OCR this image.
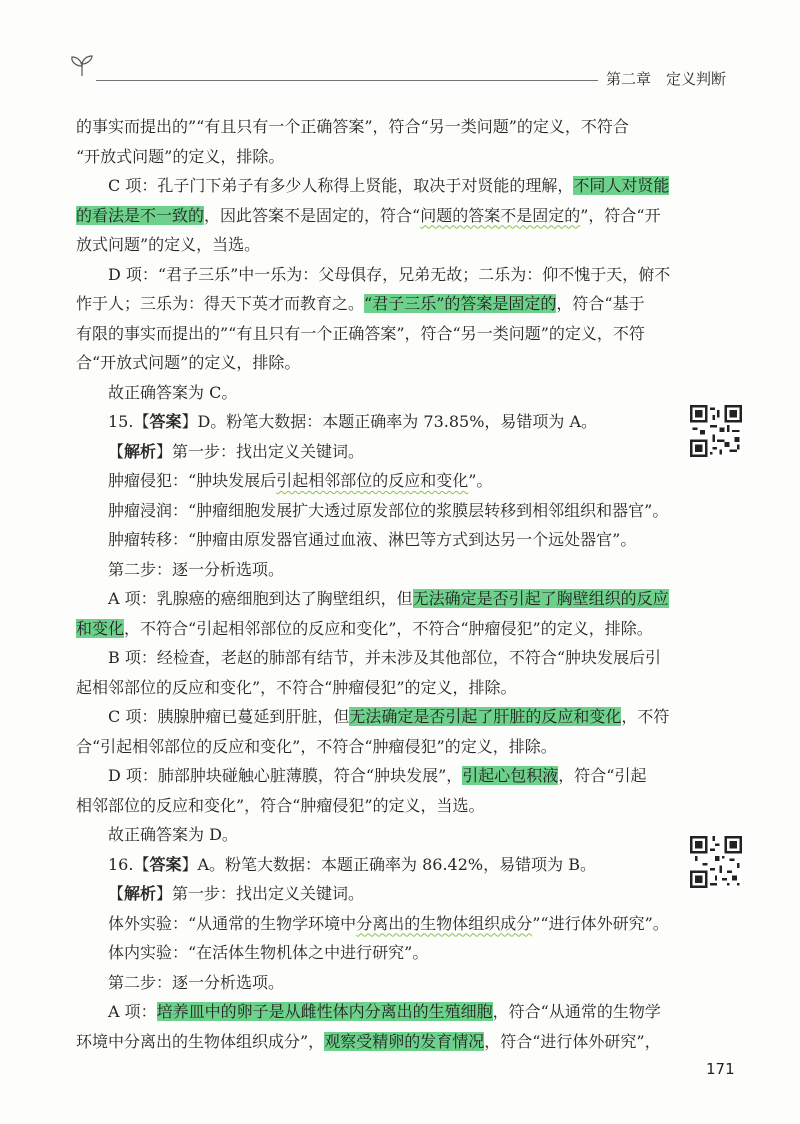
第二章　定义判断
的事实而提出的”“有且只有一个正确答案”，符合“另一类问题”的定义，不符合
“开放式问题”的定义，排除。
C 项：孔子门下弟子有多少人称得上贤能，取决于对贤能的理解，不同人对贤能
的看法是不一致的，因此答案不是固定的，符合“问题的答案不是固定的”，符合“开
放式问题”的定义，当选。
D 项：“君子三乐”中一乐为：父母俱存，兄弟无故；二乐为：仰不愧于天，俯不
怍于人；三乐为：得天下英才而教育之。“君子三乐”的答案是固定的，符合“基于
有限的事实而提出的”“有且只有一个正确答案”，符合“另一类问题”的定义，不符
合“开放式问题”的定义，排除。
故正确答案为 C。
15.【答案】D。粉笔大数据：本题正确率为 73.85%，易错项为 A。
【解析】第一步：找出定义关键词。
肿瘤侵犯：“肿块发展后引起相邻部位的反应和变化”。
肿瘤浸润：“肿瘤细胞发展扩大透过原发部位的浆膜层转移到相邻组织和器官”。
肿瘤转移：“肿瘤由原发器官通过血液、淋巴等方式到达另一个远处器官”。
第二步：逐一分析选项。
A 项：乳腺癌的癌细胞到达了胸壁组织，但无法确定是否引起了胸壁组织的反应
和变化，不符合“引起相邻部位的反应和变化”，不符合“肿瘤侵犯”的定义，排除。
B 项：经检查，老赵的肺部有结节，并未涉及其他部位，不符合“肿块发展后引
起相邻部位的反应和变化”，不符合“肿瘤侵犯”的定义，排除。
C 项：胰腺肿瘤已蔓延到肝脏，但无法确定是否引起了肝脏的反应和变化，不符
合“引起相邻部位的反应和变化”，不符合“肿瘤侵犯”的定义，排除。
D 项：肺部肿块碰触心脏薄膜，符合“肿块发展”，引起心包积液，符合“引起
相邻部位的反应和变化”，符合“肿瘤侵犯”的定义，当选。
故正确答案为 D。
16.【答案】A。粉笔大数据：本题正确率为 86.42%，易错项为 B。
【解析】第一步：找出定义关键词。
体外实验：“从通常的生物学环境中分离出的生物体组织成分”“进行体外研究”。
体内实验：“在活体生物机体之中进行研究”。
第二步：逐一分析选项。
A 项：培养皿中的卵子是从雌性体内分离出的生殖细胞，符合“从通常的生物学
环境中分离出的生物体组织成分”，观察受精卵的发育情况，符合“进行体外研究”，
171
